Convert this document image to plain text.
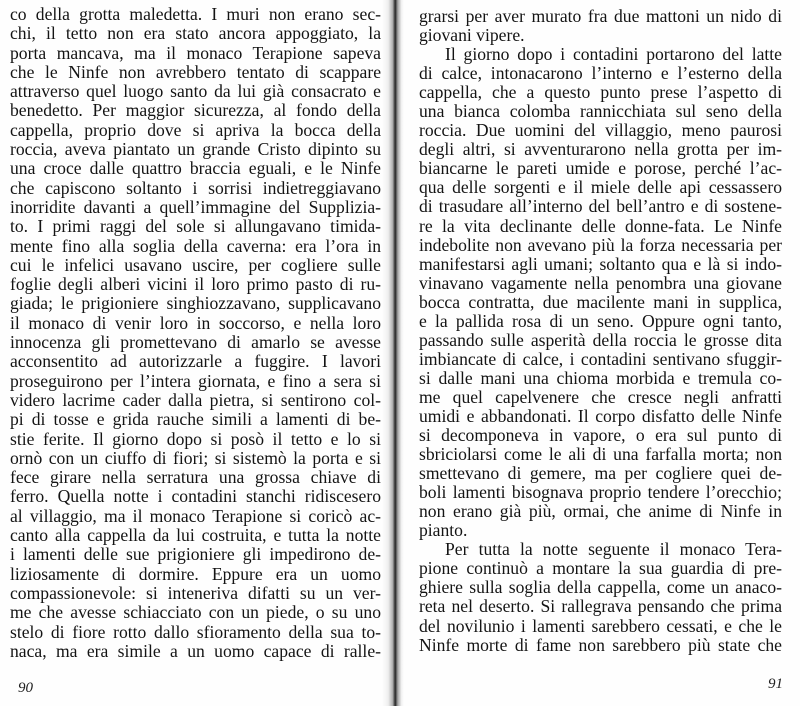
co della grotta maledetta. I muri non erano sec-
chi, il tetto non era stato ancora appoggiato, la
porta mancava, ma il monaco Terapione sapeva
che le Ninfe non avrebbero tentato di scappare
attraverso quel luogo santo da lui già consacrato e
benedetto. Per maggior sicurezza, al fondo della
cappella, proprio dove si apriva la bocca della
roccia, aveva piantato un grande Cristo dipinto su
una croce dalle quattro braccia eguali, e le Ninfe
che capiscono soltanto i sorrisi indietreggiavano
inorridite davanti a quell’immagine del Supplizia-
to. I primi raggi del sole si allungavano timida-
mente fino alla soglia della caverna: era l’ora in
cui le infelici usavano uscire, per cogliere sulle
foglie degli alberi vicini il loro primo pasto di ru-
giada; le prigioniere singhiozzavano, supplicavano
il monaco di venir loro in soccorso, e nella loro
innocenza gli promettevano di amarlo se avesse
acconsentito ad autorizzarle a fuggire. I lavori
proseguirono per l’intera giornata, e fino a sera si
videro lacrime cader dalla pietra, si sentirono col-
pi di tosse e grida rauche simili a lamenti di be-
stie ferite. Il giorno dopo si posò il tetto e lo si
ornò con un ciuffo di fiori; si sistemò la porta e si
fece girare nella serratura una grossa chiave di
ferro. Quella notte i contadini stanchi ridiscesero
al villaggio, ma il monaco Terapione si coricò ac-
canto alla cappella da lui costruita, e tutta la notte
i lamenti delle sue prigioniere gli impedirono de-
liziosamente di dormire. Eppure era un uomo
compassionevole: si inteneriva difatti su un ver-
me che avesse schiacciato con un piede, o su uno
stelo di fiore rotto dallo sfioramento della sua to-
naca, ma era simile a un uomo capace di ralle-
90
grarsi per aver murato fra due mattoni un nido di
giovani vipere.
Il giorno dopo i contadini portarono del latte
di calce, intonacarono l’interno e l’esterno della
cappella, che a questo punto prese l’aspetto di
una bianca colomba rannicchiata sul seno della
roccia. Due uomini del villaggio, meno paurosi
degli altri, si avventurarono nella grotta per im-
biancarne le pareti umide e porose, perché l’ac-
qua delle sorgenti e il miele delle api cessassero
di trasudare all’interno del bell’antro e di sostene-
re la vita declinante delle donne-fata. Le Ninfe
indebolite non avevano più la forza necessaria per
manifestarsi agli umani; soltanto qua e là si indo-
vinavano vagamente nella penombra una giovane
bocca contratta, due macilente mani in supplica,
e la pallida rosa di un seno. Oppure ogni tanto,
passando sulle asperità della roccia le grosse dita
imbiancate di calce, i contadini sentivano sfuggir-
si dalle mani una chioma morbida e tremula co-
me quel capelvenere che cresce negli anfratti
umidi e abbandonati. Il corpo disfatto delle Ninfe
si decomponeva in vapore, o era sul punto di
sbriciolarsi come le ali di una farfalla morta; non
smettevano di gemere, ma per cogliere quei de-
boli lamenti bisognava proprio tendere l’orecchio;
non erano già più, ormai, che anime di Ninfe in
pianto.
Per tutta la notte seguente il monaco Tera-
pione continuò a montare la sua guardia di pre-
ghiere sulla soglia della cappella, come un anaco-
reta nel deserto. Si rallegrava pensando che prima
del novilunio i lamenti sarebbero cessati, e che le
Ninfe morte di fame non sarebbero più state che
91
